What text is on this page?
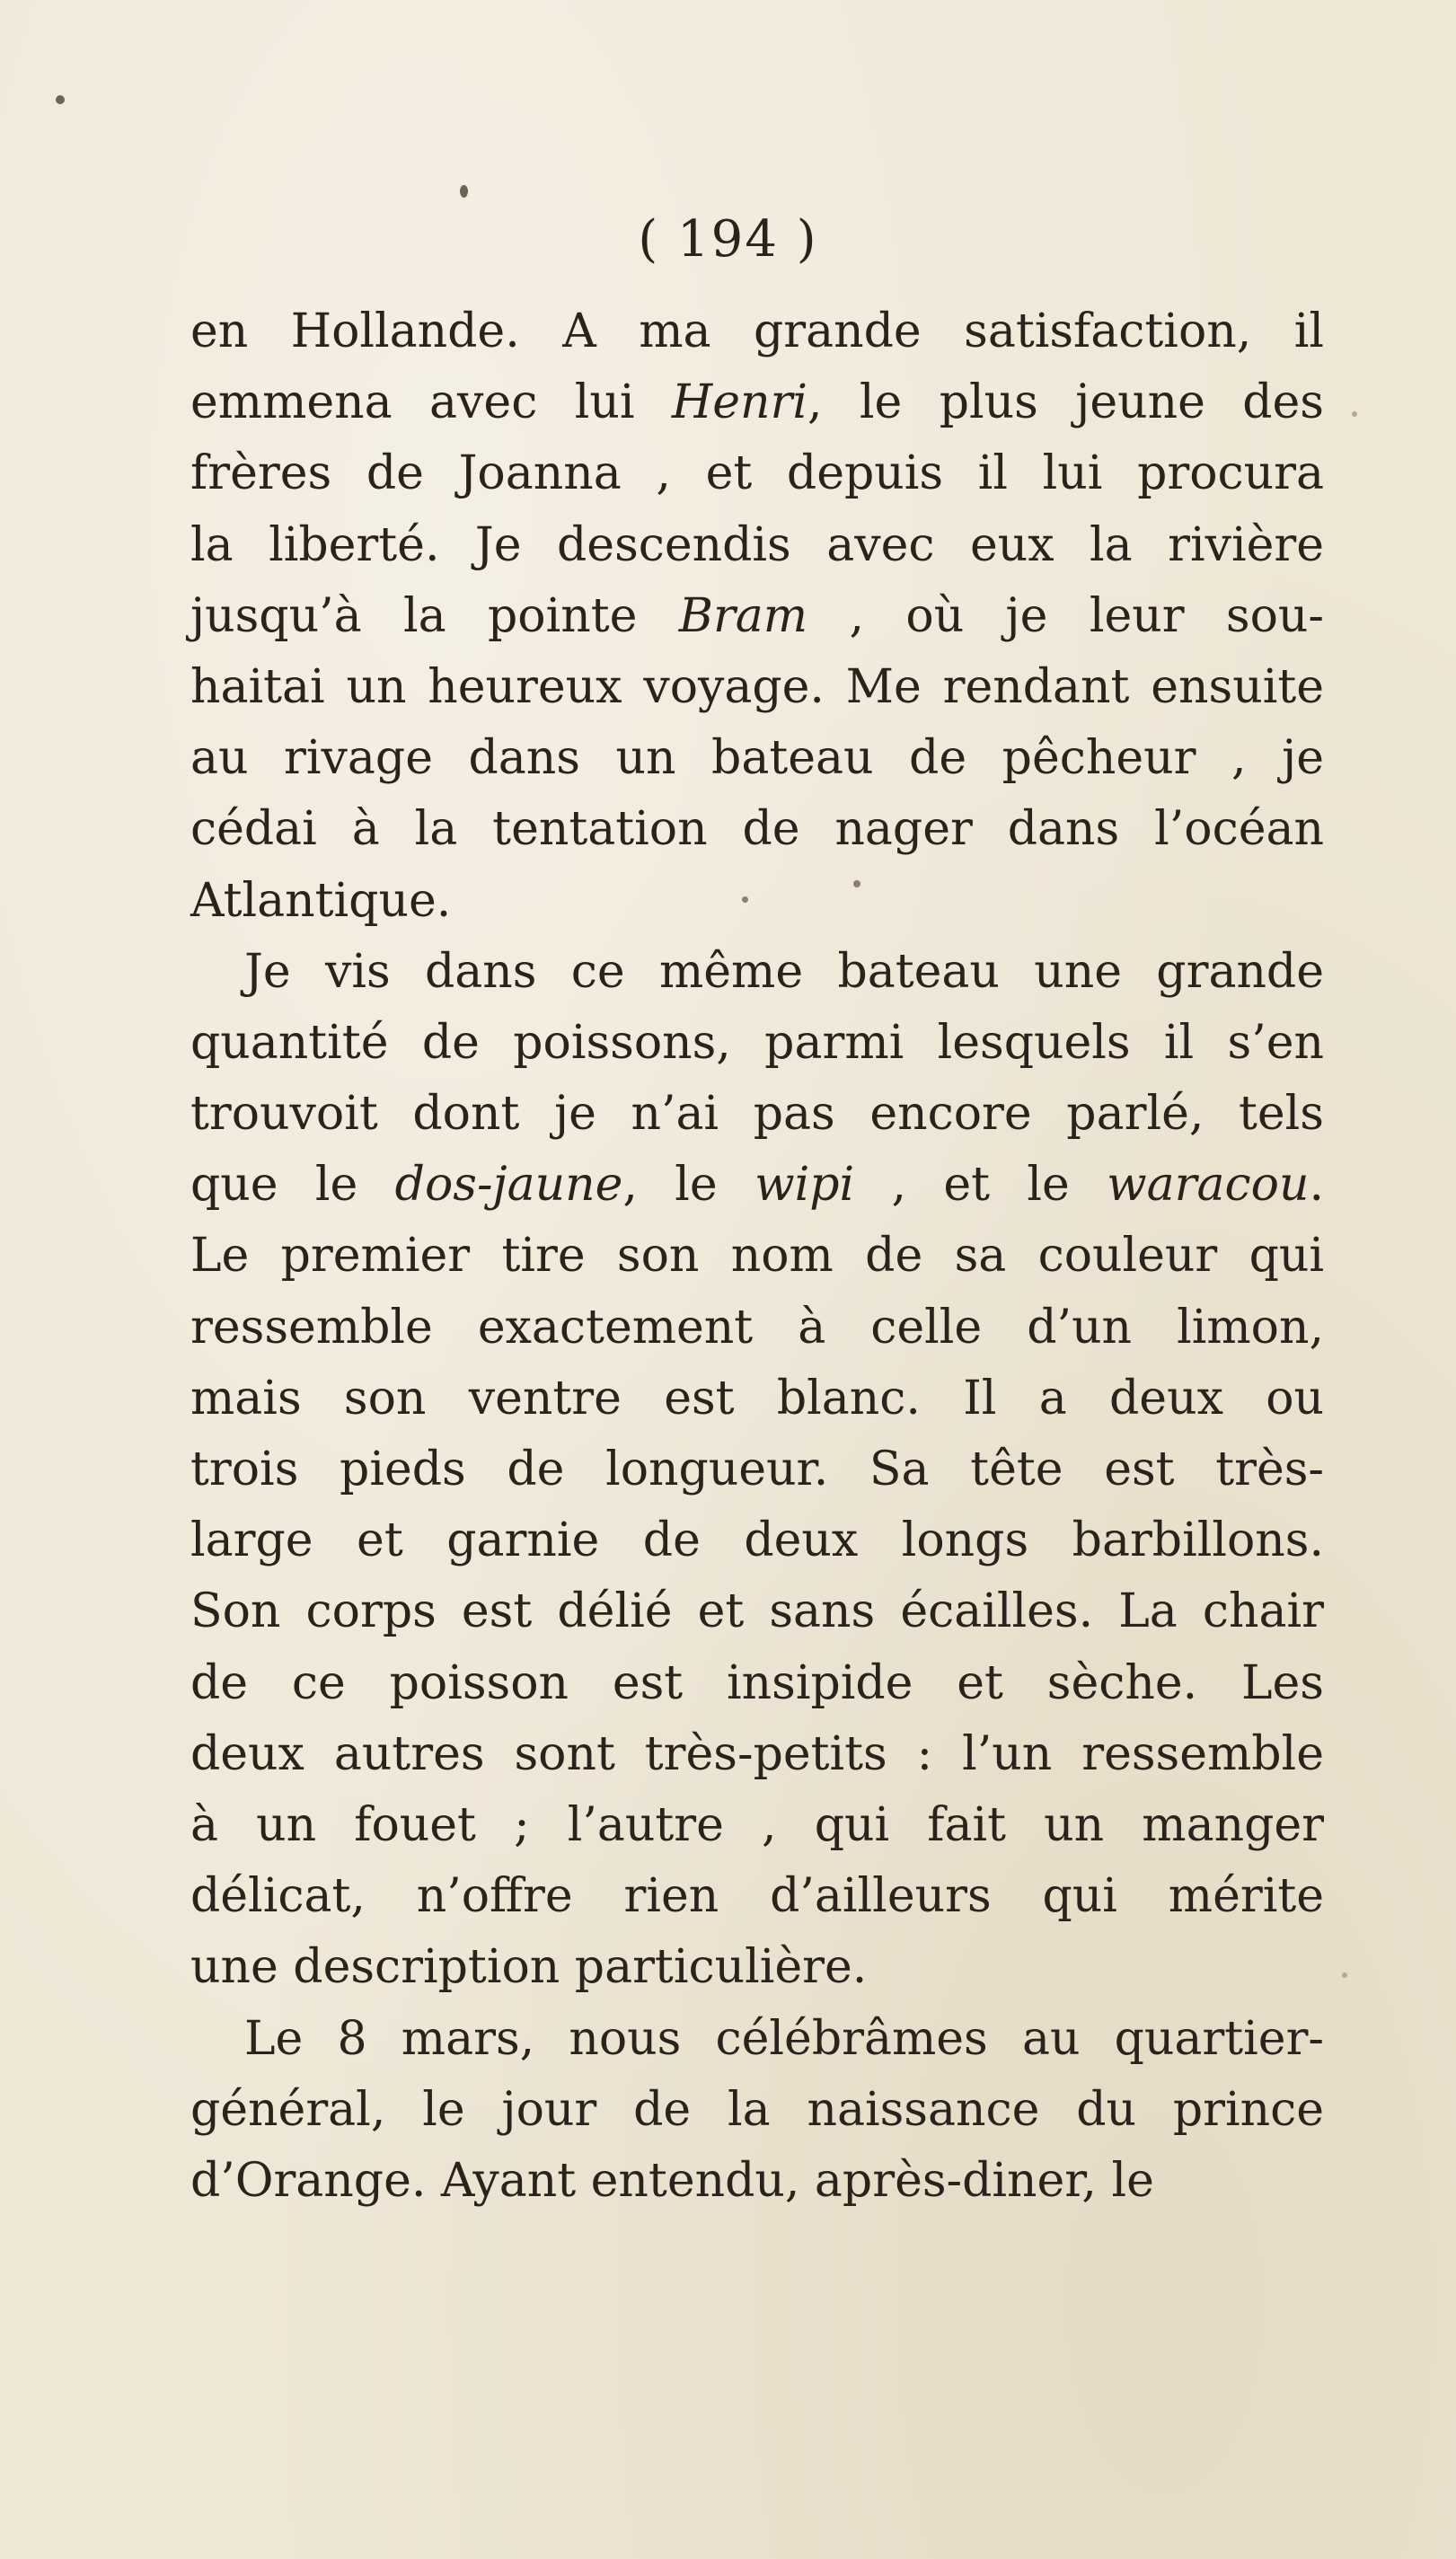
( 194 )
en Hollande. A ma grande satisfaction, il
emmena avec lui Henri, le plus jeune des
frères de Joanna , et depuis il lui procura
la liberté. Je descendis avec eux la rivière
jusqu’à la pointe Bram , où je leur sou-
haitai un heureux voyage. Me rendant ensuite
au rivage dans un bateau de pêcheur , je
cédai à la tentation de nager dans l’océan
Atlantique.
Je vis dans ce même bateau une grande
quantité de poissons, parmi lesquels il s’en
trouvoit dont je n’ai pas encore parlé, tels
que le dos-jaune, le wipi , et le waracou.
Le premier tire son nom de sa couleur qui
ressemble exactement à celle d’un limon,
mais son ventre est blanc. Il a deux ou
trois pieds de longueur. Sa tête est très-
large et garnie de deux longs barbillons.
Son corps est délié et sans écailles. La chair
de ce poisson est insipide et sèche. Les
deux autres sont très-petits : l’un ressemble
à un fouet ; l’autre , qui fait un manger
délicat, n’offre rien d’ailleurs qui mérite
une description particulière.
Le 8 mars, nous célébrâmes au quartier-
général, le jour de la naissance du prince
d’Orange. Ayant entendu, après-diner, le
